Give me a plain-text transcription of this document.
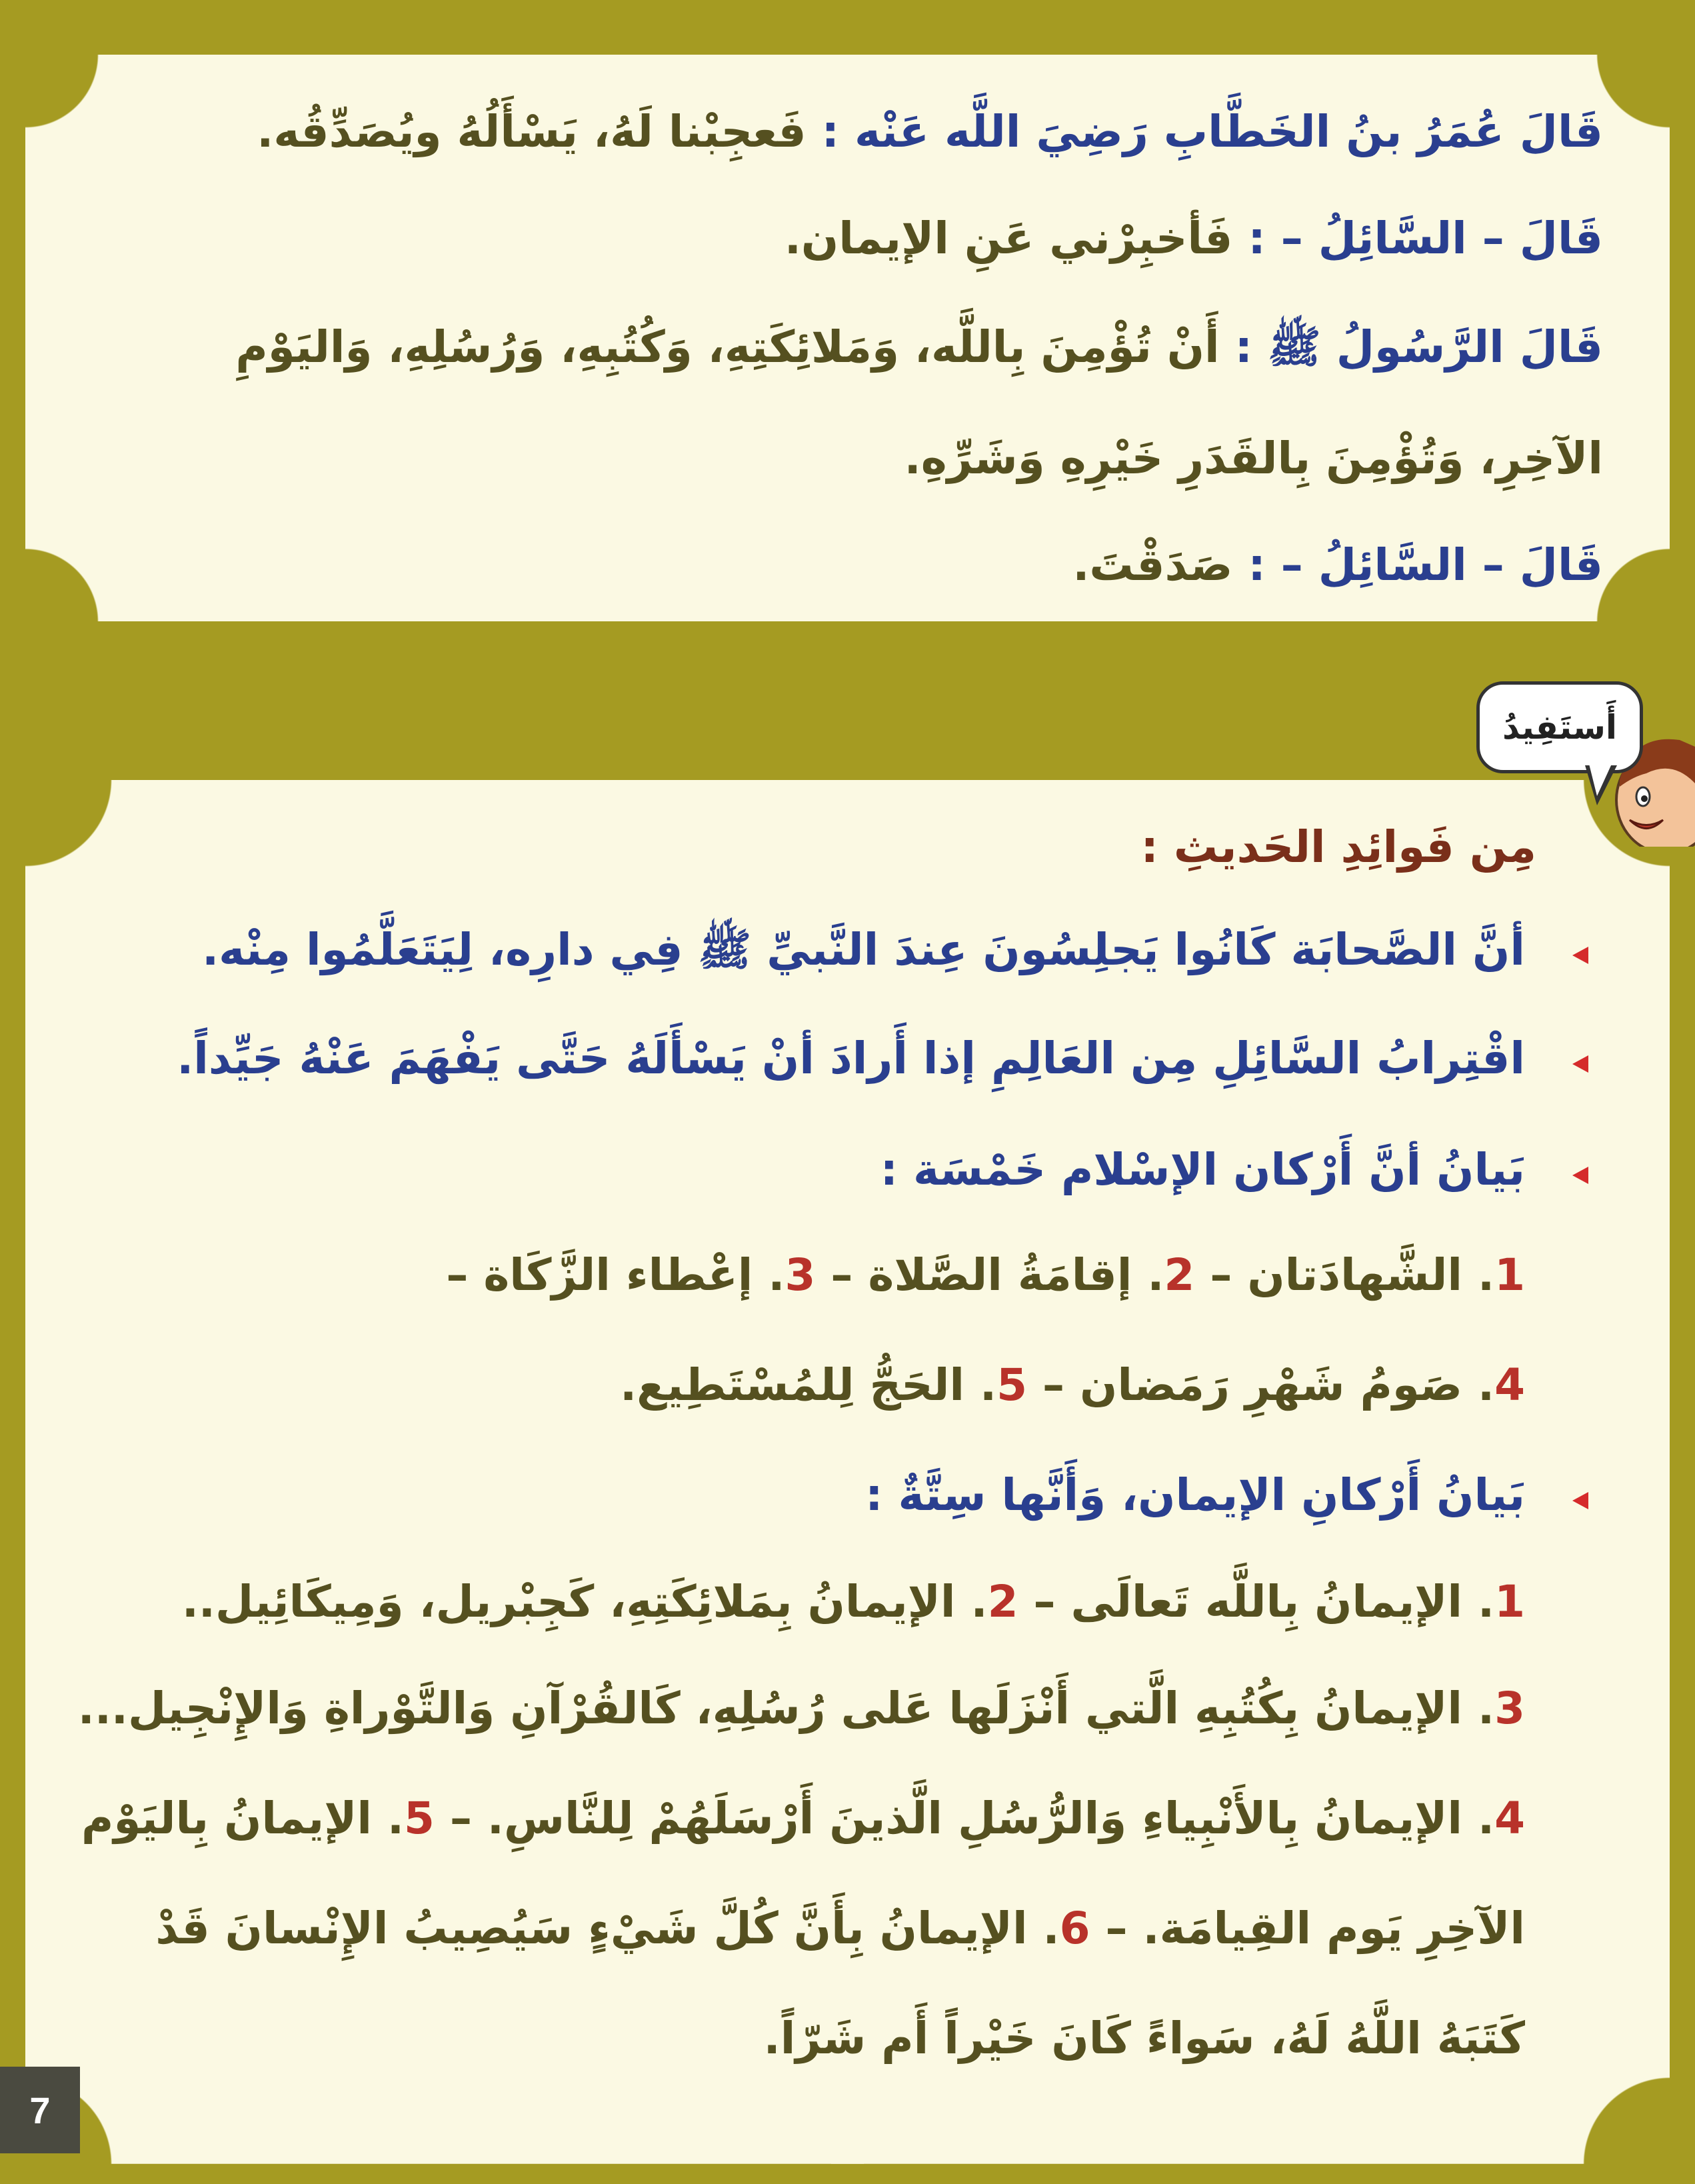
أَستَفِيدُ
مِن فَوائِدِ الحَديثِ :
7
قَالَ عُمَرُ بنُ الخَطَّابِ رَضِيَ اللَّه عَنْه : فَعجِبْنا لَهُ، يَسْأَلُهُ ويُصَدِّقُه.
قَالَ – السَّائِلُ – : فَأخبِرْني عَنِ الإيمان.
قَالَ الرَّسُولُ ﷺ : أَنْ تُؤْمِنَ بِاللَّه، وَمَلائِكَتِهِ، وَكُتُبِهِ، وَرُسُلِهِ، وَاليَوْمِ
الآخِرِ، وَتُؤْمِنَ بِالقَدَرِ خَيْرِهِ وَشَرِّهِ.
قَالَ – السَّائِلُ – : صَدَقْتَ.
أنَّ الصَّحابَة كَانُوا يَجلِسُونَ عِندَ النَّبيِّ ﷺ فِي دارِه، لِيَتَعَلَّمُوا مِنْه.
اقْتِرابُ السَّائِلِ مِن العَالِمِ إذا أَرادَ أنْ يَسْأَلَهُ حَتَّى يَفْهَمَ عَنْهُ جَيِّداً.
بَيانُ أنَّ أَرْكان الإسْلام خَمْسَة :
1. الشَّهادَتان – 2. إقامَةُ الصَّلاة – 3. إعْطاء الزَّكَاة –
4. صَومُ شَهْرِ رَمَضان – 5. الحَجُّ لِلمُسْتَطِيع.
بَيانُ أَرْكانِ الإيمان، وَأَنَّها سِتَّةٌ :
1. الإيمانُ بِاللَّه تَعالَى – 2. الإيمانُ بِمَلائِكَتِهِ، كَجِبْريل، وَمِيكَائِيل..
3. الإيمانُ بِكُتُبِهِ الَّتي أَنْزَلَها عَلى رُسُلِهِ، كَالقُرْآنِ وَالتَّوْراةِ وَالإِنْجِيل...
4. الإيمانُ بِالأَنْبِياءِ وَالرُّسُلِ الَّذينَ أَرْسَلَهُمْ لِلنَّاسِ. – 5. الإيمانُ بِاليَوْم
الآخِرِ يَوم القِيامَة. – 6. الإيمانُ بِأَنَّ كُلَّ شَيْءٍ سَيُصِيبُ الإِنْسانَ قَدْ
كَتَبَهُ اللَّهُ لَهُ، سَواءً كَانَ خَيْراً أَم شَرّاً.
